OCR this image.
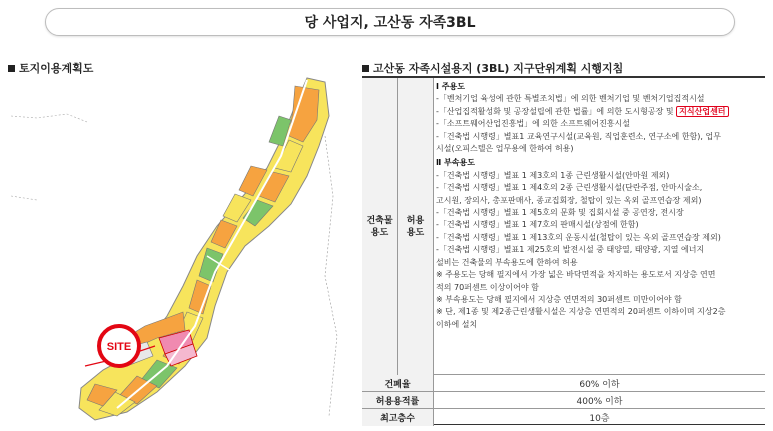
당 사업지, 고산동 자족3BL
토지이용계획도	고산동 자족시설용지 (3BL) 지구단위계획 시행지침
SITE
건축물
용도
허용
용도
Ⅰ 주용도
-「벤처기업 육성에 관한 특별조치법」에 의한 벤처기업 및 벤처기업집적시설
-「산업집적활성화 및 공장설립에 관한 법률」에 의한 도시형공장 및 지식산업센터
-「소프트웨어산업진흥법」에 의한 소프트웨어진흥시설
-「건축법 시행령」별표1 교육연구시설(교육원, 직업훈련소, 연구소에 한함), 업무
시설(오피스텔은 업무용에 한하여 허용)
Ⅱ 부속용도
-「건축법 시행령」별표 1 제3호의 1종 근린생활시설(안마원 제외)
-「건축법 시행령」별표 1 제4호의 2종 근린생활시설(단란주점, 안마시술소,
고시원, 장의사, 총포판매사, 종교집회장, 철탑이 있는 옥외 골프연습장 제외)
-「건축법 시행령」별표 1 제5호의 문화 및 집회시설 중 공연장, 전시장
-「건축법 시행령」별표 1 제7호의 판매시설(상점에 한함)
-「건축법 시행령」별표 1 제13호의 운동시설(철탑이 있는 옥외 골프연습장 제외)
-「건축법 시행령」별표1 제25호의 발전시설 중 태양열, 태양광, 지열 에너지
설비는 건축물의 부속용도에 한하여 허용
※ 주용도는 당해 필지에서 가장 넓은 바닥면적을 차지하는 용도로서 지상층 연면
적의 70퍼센트 이상이어야 함
※ 부속용도는 당해 필지에서 지상층 연면적의 30퍼센트 미만이어야 함
※ 단, 제1종 및 제2종근린생활시설은 지상층 연면적의 20퍼센트 이하이며 지상2층
이하에 설치
건폐율	60% 이하
허용용적률	400% 이하
최고층수	10층
